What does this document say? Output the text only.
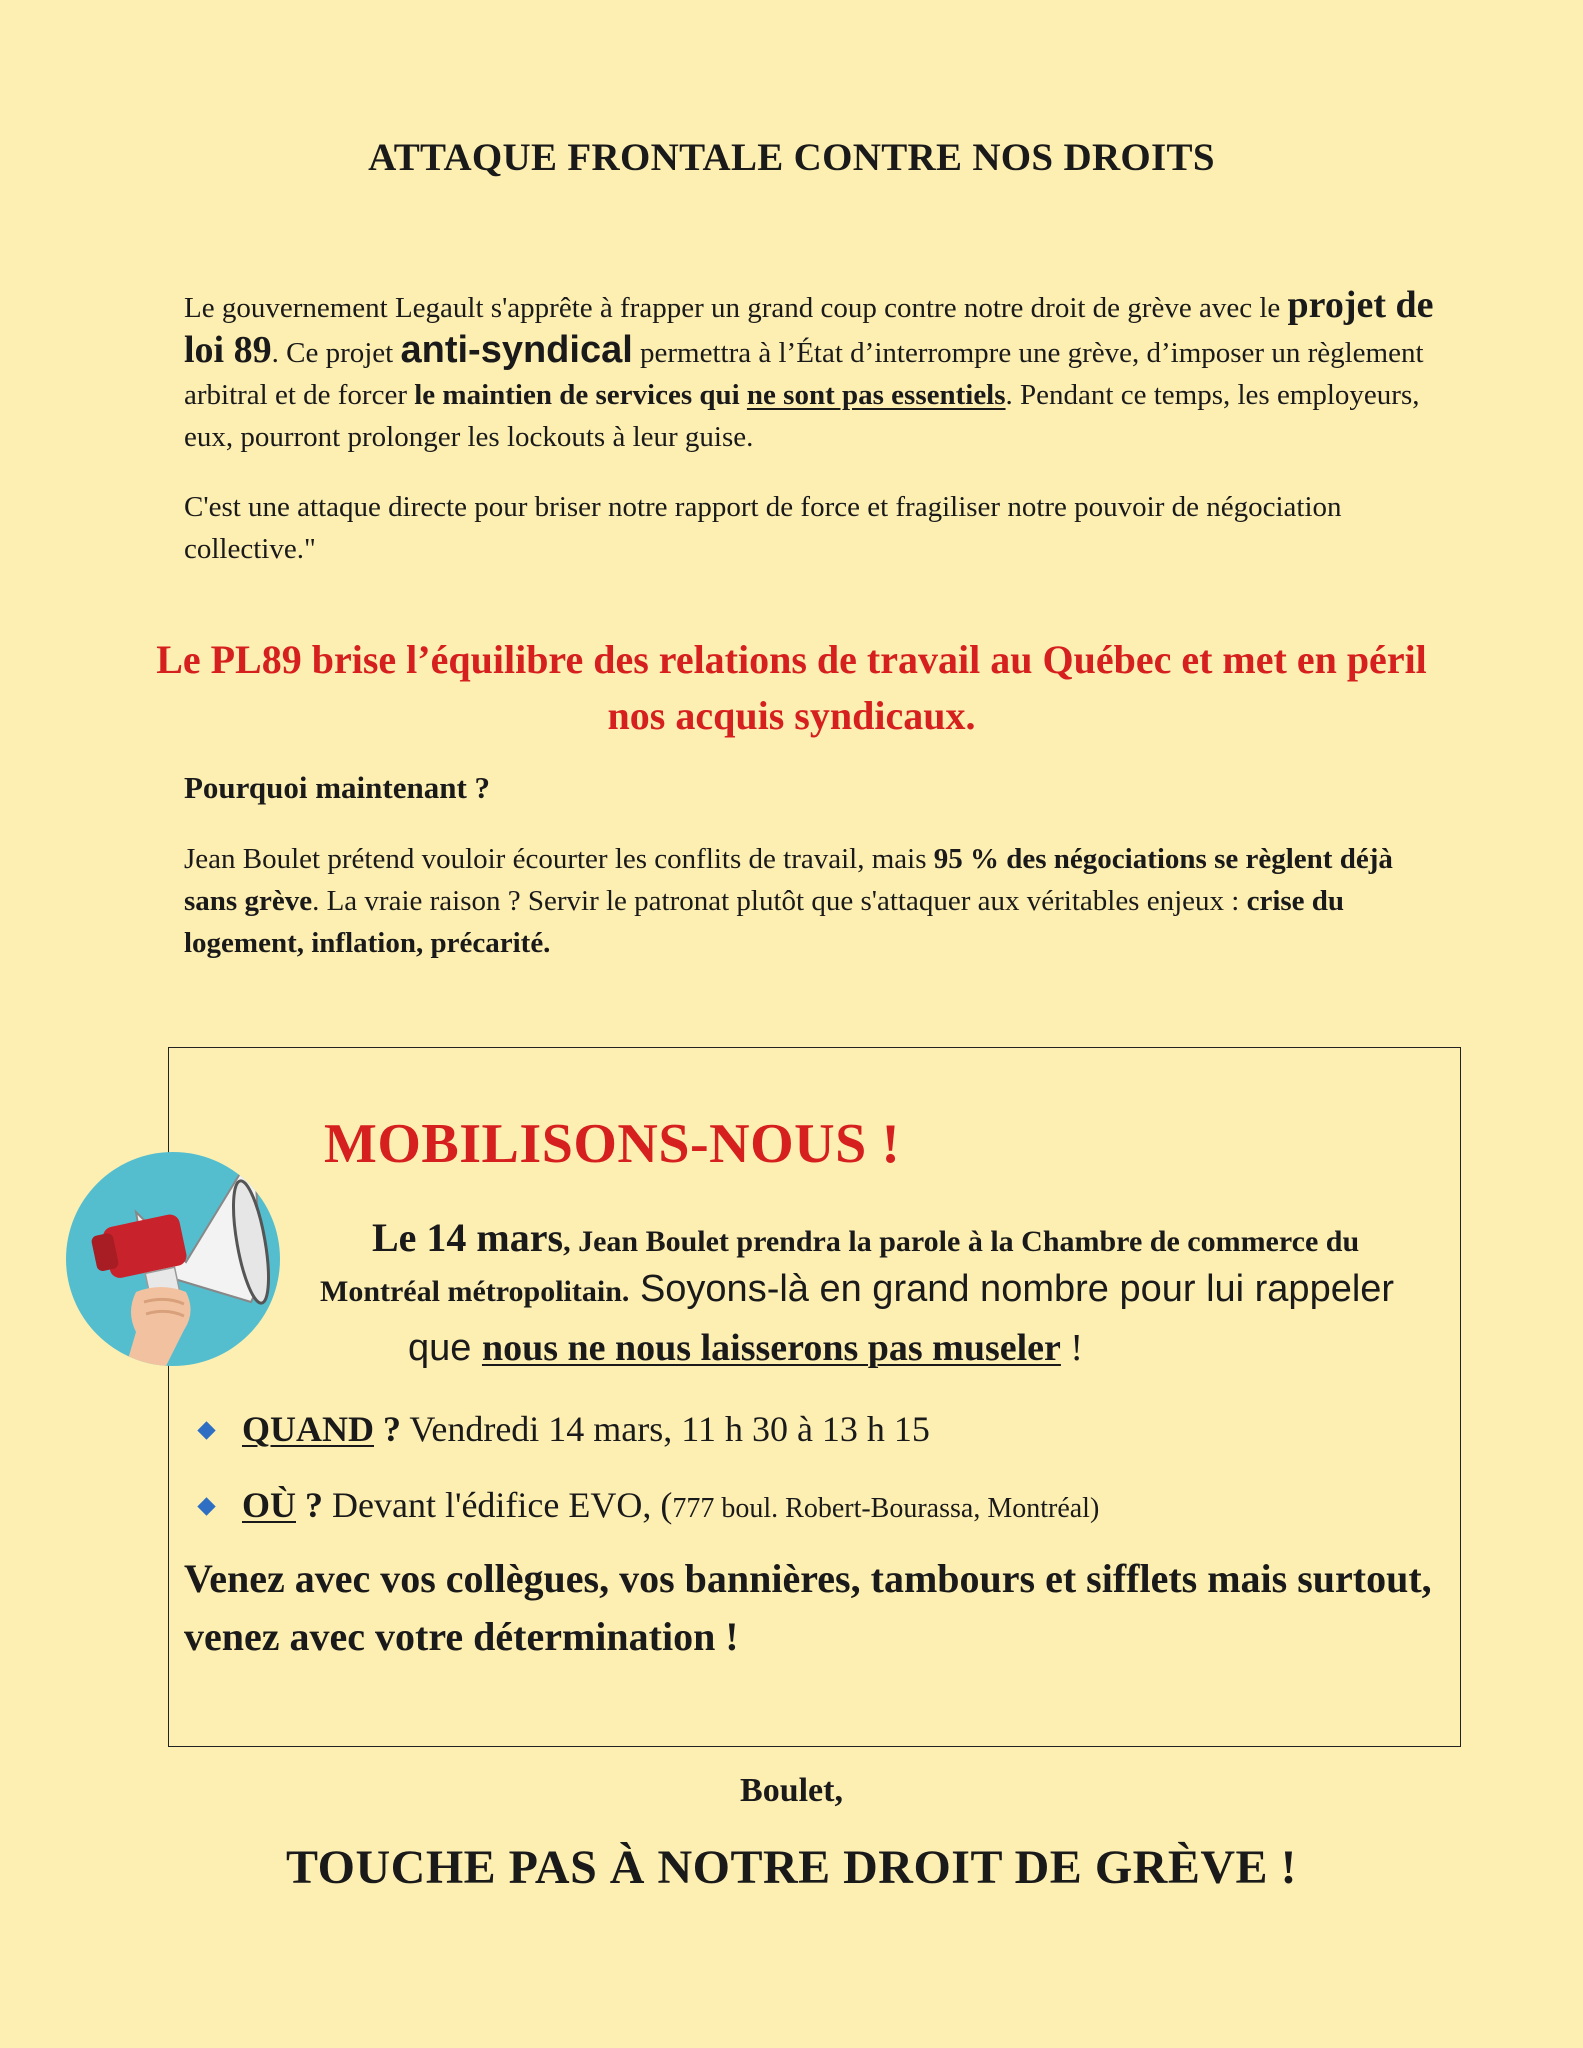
ATTAQUE FRONTALE CONTRE NOS DROITS

Le gouvernement Legault s'apprête à frapper un grand coup contre notre droit de grève avec le projet de loi 89. Ce projet anti-syndical permettra à l’État d’interrompre une grève, d’imposer un règlement arbitral et de forcer le maintien de services qui ne sont pas essentiels. Pendant ce temps, les employeurs, eux, pourront prolonger les lockouts à leur guise.

C'est une attaque directe pour briser notre rapport de force et fragiliser notre pouvoir de négociation collective."

Le PL89 brise l’équilibre des relations de travail au Québec et met en péril nos acquis syndicaux.
Pourquoi maintenant ?
Jean Boulet prétend vouloir écourter les conflits de travail, mais 95 % des négociations se règlent déjà sans grève. La vraie raison ? Servir le patronat plutôt que s'attaquer aux véritables enjeux : crise du logement, inflation, précarité.
MOBILISONS-NOUS !
Le 14 mars, Jean Boulet prendra la parole à la Chambre de commerce du
Montréal métropolitain. Soyons-là en grand nombre pour lui rappeler
que nous ne nous laisserons pas museler !
QUAND ? Vendredi 14 mars, 11 h 30 à 13 h 15
OÙ ? Devant l'édifice EVO, (777 boul. Robert-Bourassa, Montréal)
Venez avec vos collègues, vos bannières, tambours et sifflets mais surtout, venez avec votre détermination !
Boulet,
TOUCHE PAS À NOTRE DROIT DE GRÈVE !
